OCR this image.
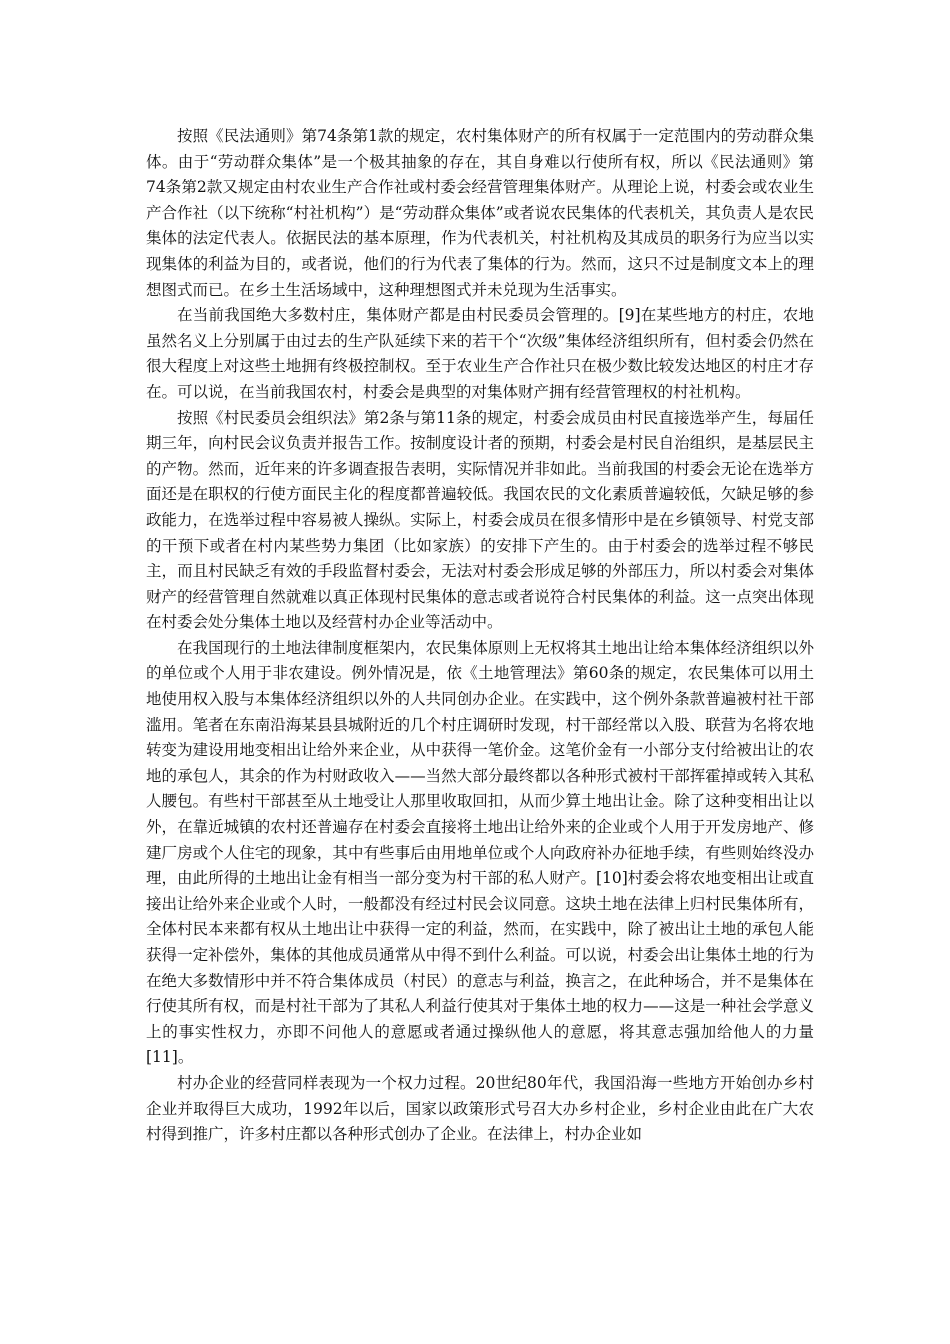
按照《民法通则》第74条第1款的规定，农村集体财产的所有权属于一定范围内的劳动群众集体。由于“劳动群众集体”是一个极其抽象的存在，其自身难以行使所有权，所以《民法通则》第74条第2款又规定由村农业生产合作社或村委会经营管理集体财产。从理论上说，村委会或农业生产合作社（以下统称“村社机构”）是“劳动群众集体”或者说农民集体的代表机关，其负责人是农民集体的法定代表人。依据民法的基本原理，作为代表机关，村社机构及其成员的职务行为应当以实现集体的利益为目的，或者说，他们的行为代表了集体的行为。然而，这只不过是制度文本上的理想图式而已。在乡土生活场域中，这种理想图式并未兑现为生活事实。

在当前我国绝大多数村庄，集体财产都是由村民委员会管理的。[9]在某些地方的村庄，农地虽然名义上分别属于由过去的生产队延续下来的若干个“次级”集体经济组织所有，但村委会仍然在很大程度上对这些土地拥有终极控制权。至于农业生产合作社只在极少数比较发达地区的村庄才存在。可以说，在当前我国农村，村委会是典型的对集体财产拥有经营管理权的村社机构。

按照《村民委员会组织法》第2条与第11条的规定，村委会成员由村民直接选举产生，每届任期三年，向村民会议负责并报告工作。按制度设计者的预期，村委会是村民自治组织，是基层民主的产物。然而，近年来的许多调查报告表明，实际情况并非如此。当前我国的村委会无论在选举方面还是在职权的行使方面民主化的程度都普遍较低。我国农民的文化素质普遍较低，欠缺足够的参政能力，在选举过程中容易被人操纵。实际上，村委会成员在很多情形中是在乡镇领导、村党支部的干预下或者在村内某些势力集团（比如家族）的安排下产生的。由于村委会的选举过程不够民主，而且村民缺乏有效的手段监督村委会，无法对村委会形成足够的外部压力，所以村委会对集体财产的经营管理自然就难以真正体现村民集体的意志或者说符合村民集体的利益。这一点突出体现在村委会处分集体土地以及经营村办企业等活动中。

在我国现行的土地法律制度框架内，农民集体原则上无权将其土地出让给本集体经济组织以外的单位或个人用于非农建设。例外情况是，依《土地管理法》第60条的规定，农民集体可以用土地使用权入股与本集体经济组织以外的人共同创办企业。在实践中，这个例外条款普遍被村社干部滥用。笔者在东南沿海某县县城附近的几个村庄调研时发现，村干部经常以入股、联营为名将农地转变为建设用地变相出让给外来企业，从中获得一笔价金。这笔价金有一小部分支付给被出让的农地的承包人，其余的作为村财政收入——当然大部分最终都以各种形式被村干部挥霍掉或转入其私人腰包。有些村干部甚至从土地受让人那里收取回扣，从而少算土地出让金。除了这种变相出让以外，在靠近城镇的农村还普遍存在村委会直接将土地出让给外来的企业或个人用于开发房地产、修建厂房或个人住宅的现象，其中有些事后由用地单位或个人向政府补办征地手续，有些则始终没办理，由此所得的土地出让金有相当一部分变为村干部的私人财产。[10]村委会将农地变相出让或直接出让给外来企业或个人时，一般都没有经过村民会议同意。这块土地在法律上归村民集体所有，全体村民本来都有权从土地出让中获得一定的利益，然而，在实践中，除了被出让土地的承包人能获得一定补偿外，集体的其他成员通常从中得不到什么利益。可以说，村委会出让集体土地的行为在绝大多数情形中并不符合集体成员（村民）的意志与利益，换言之，在此种场合，并不是集体在行使其所有权，而是村社干部为了其私人利益行使其对于集体土地的权力——这是一种社会学意义上的事实性权力，亦即不问他人的意愿或者通过操纵他人的意愿，将其意志强加给他人的力量[11]。

村办企业的经营同样表现为一个权力过程。20世纪80年代，我国沿海一些地方开始创办乡村企业并取得巨大成功，1992年以后，国家以政策形式号召大办乡村企业，乡村企业由此在广大农村得到推广，许多村庄都以各种形式创办了企业。在法律上，村办企业如
